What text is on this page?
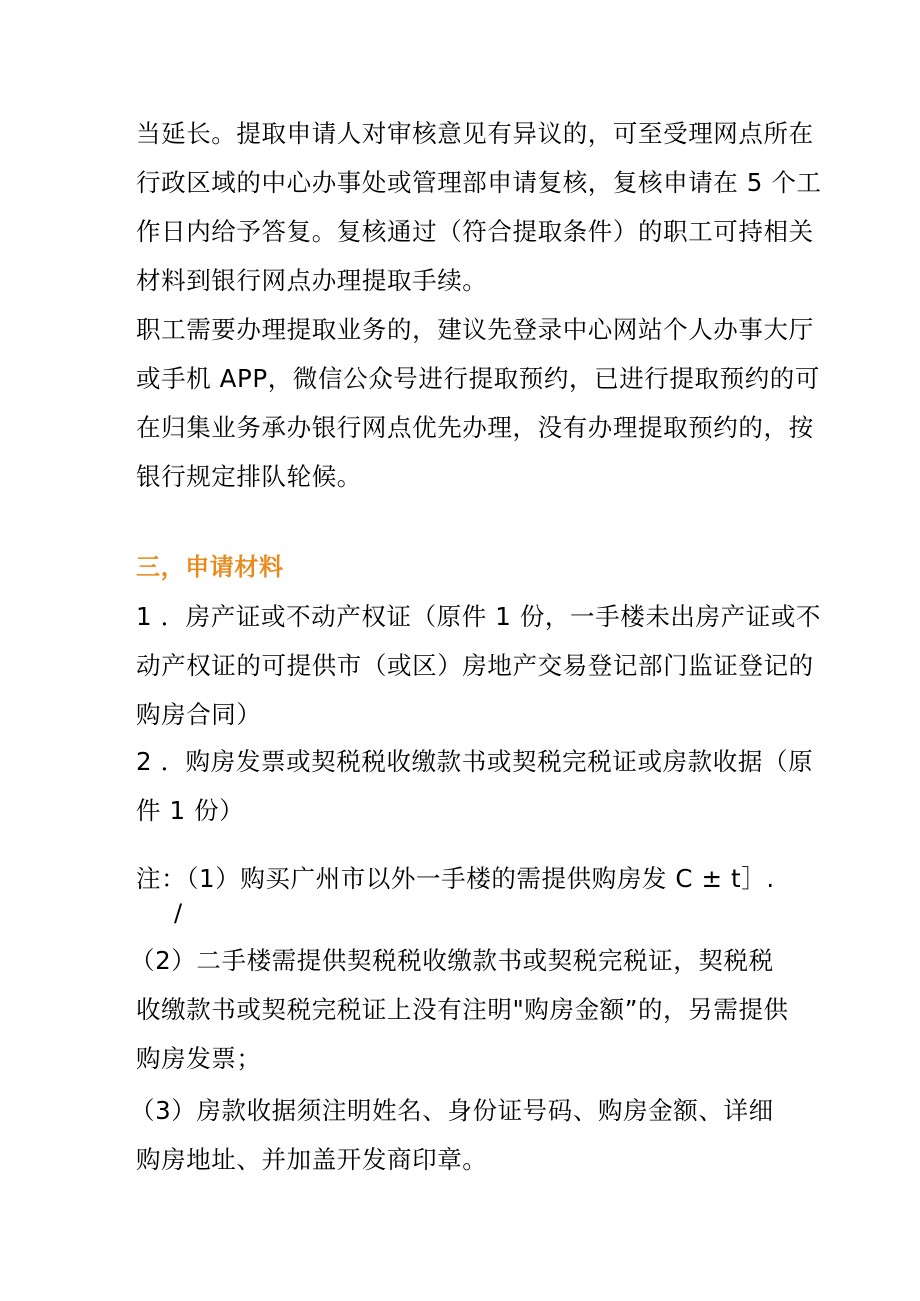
当延长。提取申请人对审核意见有异议的，可至受理网点所在
行政区域的中心办事处或管理部申请复核，复核申请在 5 个工
作日内给予答复。复核通过（符合提取条件）的职工可持相关
材料到银行网点办理提取手续。
职工需要办理提取业务的，建议先登录中心网站个人办事大厅
或手机 APP，微信公众号进行提取预约，已进行提取预约的可
在归集业务承办银行网点优先办理，没有办理提取预约的，按
银行规定排队轮候。
三，申请材料
1 ．房产证或不动产权证（原件 1 份，一手楼未出房产证或不
动产权证的可提供市（或区）房地产交易登记部门监证登记的
购房合同）
2 ．购房发票或契税税收缴款书或契税完税证或房款收据（原
件 1 份）
注：（1）购买广州市以外一手楼的需提供购房发 C ± t］.
/
（2）二手楼需提供契税税收缴款书或契税完税证，契税税
收缴款书或契税完税证上没有注明"购房金额”的，另需提供
购房发票；
（3）房款收据须注明姓名、身份证号码、购房金额、详细
购房地址、并加盖开发商印章。
